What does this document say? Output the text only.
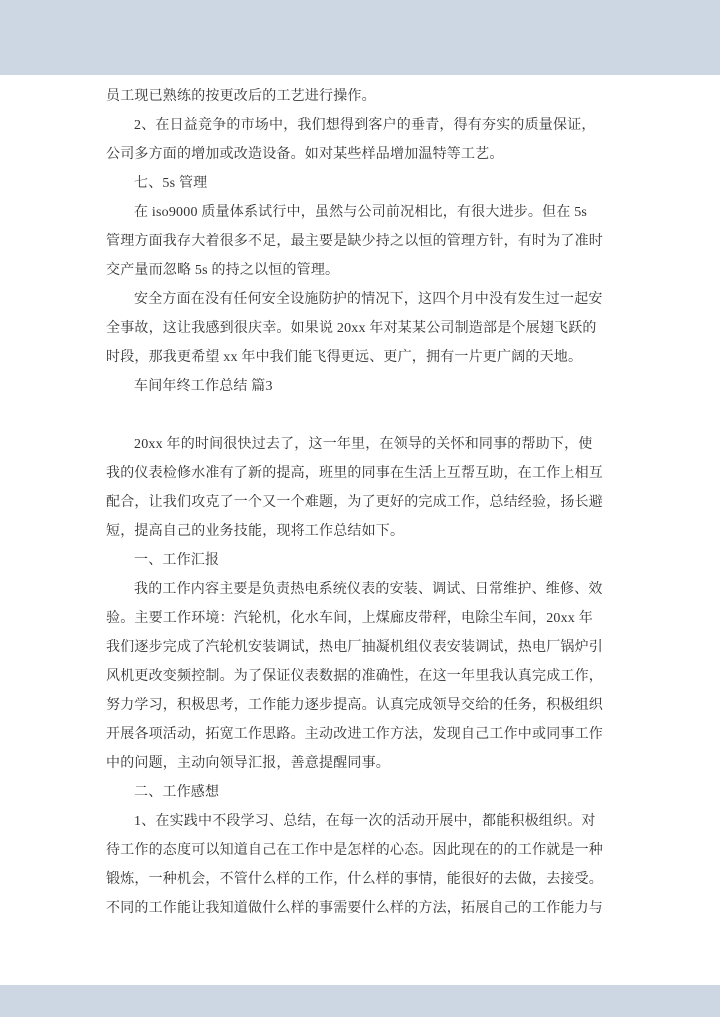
员工现已熟练的按更改后的工艺进行操作。
2、在日益竞争的市场中，我们想得到客户的垂青，得有夯实的质量保证，
公司多方面的增加或改造设备。如对某些样品增加温特等工艺。
七、5s 管理
在 iso9000 质量体系试行中，虽然与公司前况相比，有很大进步。但在 5s
管理方面我存大着很多不足，最主要是缺少持之以恒的管理方针，有时为了准时
交产量而忽略 5s 的持之以恒的管理。
安全方面在没有任何安全设施防护的情况下，这四个月中没有发生过一起安
全事故，这让我感到很庆幸。如果说 20xx 年对某某公司制造部是个展翅飞跃的
时段，那我更希望 xx 年中我们能飞得更远、更广，拥有一片更广阔的天地。
车间年终工作总结 篇3

20xx 年的时间很快过去了，这一年里，在领导的关怀和同事的帮助下，使
我的仪表检修水准有了新的提高，班里的同事在生活上互帮互助，在工作上相互
配合，让我们攻克了一个又一个难题，为了更好的完成工作，总结经验，扬长避
短，提高自己的业务技能，现将工作总结如下。
一、工作汇报
我的工作内容主要是负责热电系统仪表的安装、调试、日常维护、维修、效
验。主要工作环境：汽轮机，化水车间，上煤廊皮带秤，电除尘车间，20xx 年
我们逐步完成了汽轮机安装调试，热电厂抽凝机组仪表安装调试，热电厂锅炉引
风机更改变频控制。为了保证仪表数据的准确性，在这一年里我认真完成工作，
努力学习，积极思考，工作能力逐步提高。认真完成领导交给的任务，积极组织
开展各项活动，拓宽工作思路。主动改进工作方法，发现自己工作中或同事工作
中的问题，主动向领导汇报，善意提醒同事。
二、工作感想
1、在实践中不段学习、总结，在每一次的活动开展中，都能积极组织。对
待工作的态度可以知道自己在工作中是怎样的心态。因此现在的的工作就是一种
锻炼，一种机会，不管什么样的工作，什么样的事情，能很好的去做，去接受。
不同的工作能让我知道做什么样的事需要什么样的方法，拓展自己的工作能力与
